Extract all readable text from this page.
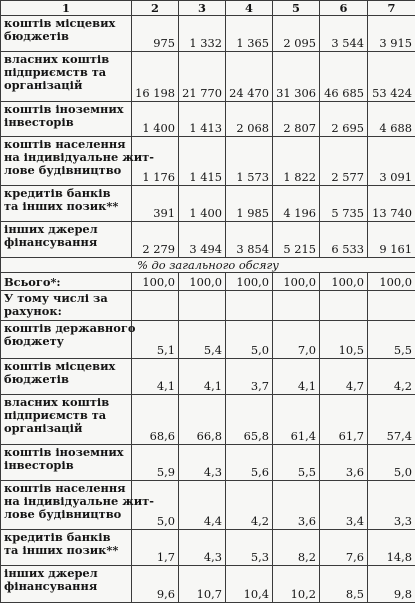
1	2	3	4	5	6	7
коштів місцевих
бюджетів	975	1 332	1 365	2 095	3 544	3 915
власних коштів
підприємств та
організацій	16 198	21 770	24 470	31 306	46 685	53 424
коштів іноземних
інвесторів	1 400	1 413	2 068	2 807	2 695	4 688
коштів населення
на індивідуальне жит-
лове будівництво	1 176	1 415	1 573	1 822	2 577	3 091
кредитів банків
та інших позик**	391	1 400	1 985	4 196	5 735	13 740
інших джерел
фінансування	2 279	3 494	3 854	5 215	6 533	9 161
% до загального обсягу						
Всього*:	100,0	100,0	100,0	100,0	100,0	100,0
У тому числі за
рахунок:						
коштів державного
бюджету	5,1	5,4	5,0	7,0	10,5	5,5
коштів місцевих
бюджетів	4,1	4,1	3,7	4,1	4,7	4,2
власних коштів
підприємств та
організацій	68,6	66,8	65,8	61,4	61,7	57,4
коштів іноземних
інвесторів	5,9	4,3	5,6	5,5	3,6	5,0
коштів населення
на індивідуальне жит-
лове будівництво	5,0	4,4	4,2	3,6	3,4	3,3
кредитів банків
та інших позик**	1,7	4,3	5,3	8,2	7,6	14,8
інших джерел
фінансування	9,6	10,7	10,4	10,2	8,5	9,8
